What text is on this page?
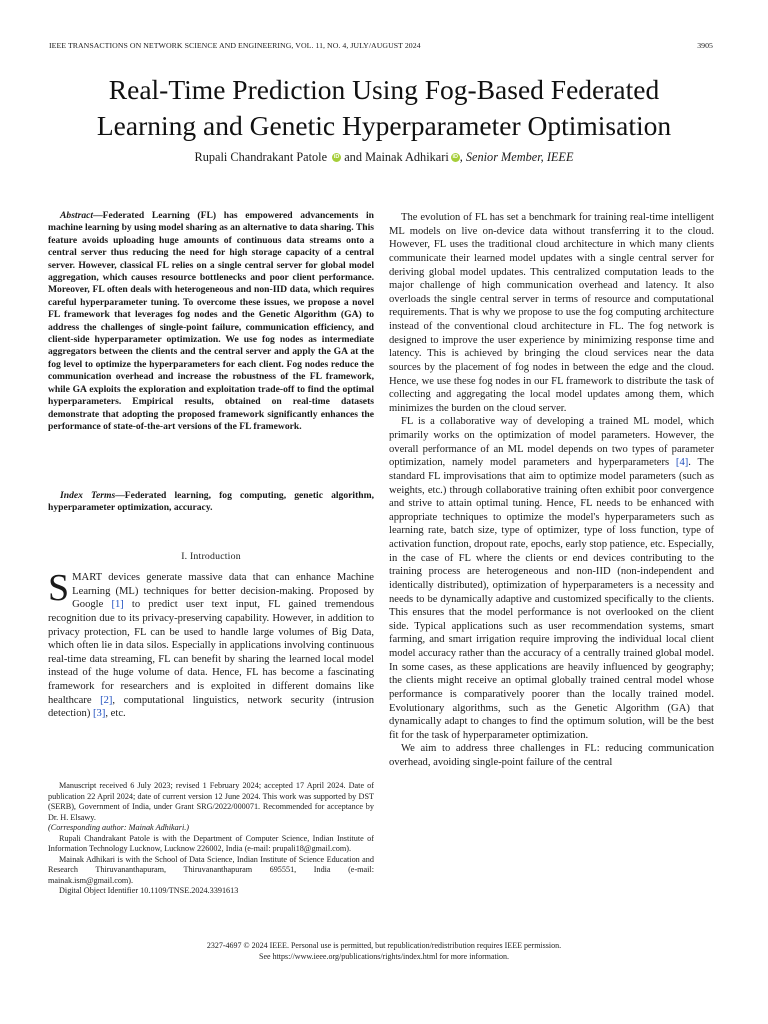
IEEE TRANSACTIONS ON NETWORK SCIENCE AND ENGINEERING, VOL. 11, NO. 4, JULY/AUGUST 2024	3905
Real-Time Prediction Using Fog-Based Federated
Learning and Genetic Hyperparameter Optimisation
Rupali Chandrakant Patole iD and Mainak Adhikari iD , Senior Member, IEEE

Abstract—Federated Learning (FL) has empowered advancements in machine learning by using model sharing as an alternative to data sharing. This feature avoids uploading huge amounts of continuous data streams onto a central server thus reducing the need for high storage capacity of a central server. However, classical FL relies on a single central server for global model aggregation, which causes resource bottlenecks and poor client performance. Moreover, FL often deals with heterogeneous and non-IID data, which requires careful hyperparameter tuning. To overcome these issues, we propose a novel FL framework that leverages fog nodes and the Genetic Algorithm (GA) to address the challenges of single-point failure, communication efficiency, and client-side hyperparameter optimization. We use fog nodes as intermediate aggregators between the clients and the central server and apply the GA at the fog level to optimize the hyperparameters for each client. Fog nodes reduce the communication overhead and increase the robustness of the FL framework, while GA exploits the exploration and exploitation trade-off to find the optimal hyperparameters. Empirical results, obtained on real-time datasets demonstrate that adopting the proposed framework significantly enhances the performance of state-of-the-art versions of the FL framework.

Index Terms—Federated learning, fog computing, genetic algorithm, hyperparameter optimization, accuracy.

I. Introduction

SMART devices generate massive data that can enhance Machine Learning (ML) techniques for better decision-making. Proposed by Google [1] to predict user text input, FL gained tremendous recognition due to its privacy-preserving capability. However, in addition to privacy protection, FL can be used to handle large volumes of Big Data, which often lie in data silos. Especially in applications involving continuous real-time data streaming, FL can benefit by sharing the learned local model instead of the huge volume of data. Hence, FL has become a fascinating framework for researchers and is exploited in different domains like healthcare [2], computational linguistics, network security (intrusion detection) [3], etc.

Manuscript received 6 July 2023; revised 1 February 2024; accepted 17 April 2024. Date of publication 22 April 2024; date of current version 12 June 2024. This work was supported by DST (SERB), Government of India, under Grant SRG/2022/000071. Recommended for acceptance by Dr. H. Elsawy.

(Corresponding author: Mainak Adhikari.)

Rupali Chandrakant Patole is with the Department of Computer Science, Indian Institute of Information Technology Lucknow, Lucknow 226002, India (e-mail: prupali18@gmail.com).

Mainak Adhikari is with the School of Data Science, Indian Institute of Science Education and Research Thiruvananthapuram, Thiruvananthapuram 695551, India (e-mail: mainak.ism@gmail.com).

Digital Object Identifier 10.1109/TNSE.2024.3391613

The evolution of FL has set a benchmark for training real-time intelligent ML models on live on-device data without transferring it to the cloud. However, FL uses the traditional cloud architecture in which many clients communicate their learned model updates with a single central server for deriving global model updates. This centralized computation leads to the major challenge of high communication overhead and latency. It also overloads the single central server in terms of resource and computational requirements. That is why we propose to use the fog computing architecture instead of the conventional cloud architecture in FL. The fog network is designed to improve the user experience by minimizing response time and latency. This is achieved by bringing the cloud services near the data sources by the placement of fog nodes in between the edge and the cloud. Hence, we use these fog nodes in our FL framework to distribute the task of collecting and aggregating the local model updates among them, which minimizes the burden on the cloud server.

FL is a collaborative way of developing a trained ML model, which primarily works on the optimization of model parameters. However, the overall performance of an ML model depends on two types of parameter optimization, namely model parameters and hyperparameters [4]. The standard FL improvisations that aim to optimize model parameters (such as weights, etc.) through collaborative training often exhibit poor convergence and strive to attain optimal tuning. Hence, FL needs to be enhanced with appropriate techniques to optimize the model's hyperparameters such as learning rate, batch size, type of optimizer, type of loss function, type of activation function, dropout rate, epochs, early stop patience, etc. Especially, in the case of FL where the clients or end devices contributing to the training process are heterogeneous and non-IID (non-independent and identically distributed), optimization of hyperparameters is a necessity and needs to be dynamically adaptive and customized specifically to the clients. This ensures that the model performance is not overlooked on the client side. Typical applications such as user recommendation systems, smart farming, and smart irrigation require improving the individual local client model accuracy rather than the accuracy of a centrally trained global model. In some cases, as these applications are heavily influenced by geography; the clients might receive an optimal globally trained central model whose performance is comparatively poorer than the locally trained model. Evolutionary algorithms, such as the Genetic Algorithm (GA) that dynamically adapt to changes to find the optimum solution, will be the best fit for the task of hyperparameter optimization.

We aim to address three challenges in FL: reducing communication overhead, avoiding single-point failure of the central

2327-4697 © 2024 IEEE. Personal use is permitted, but republication/redistribution requires IEEE permission.
See https://www.ieee.org/publications/rights/index.html for more information.
